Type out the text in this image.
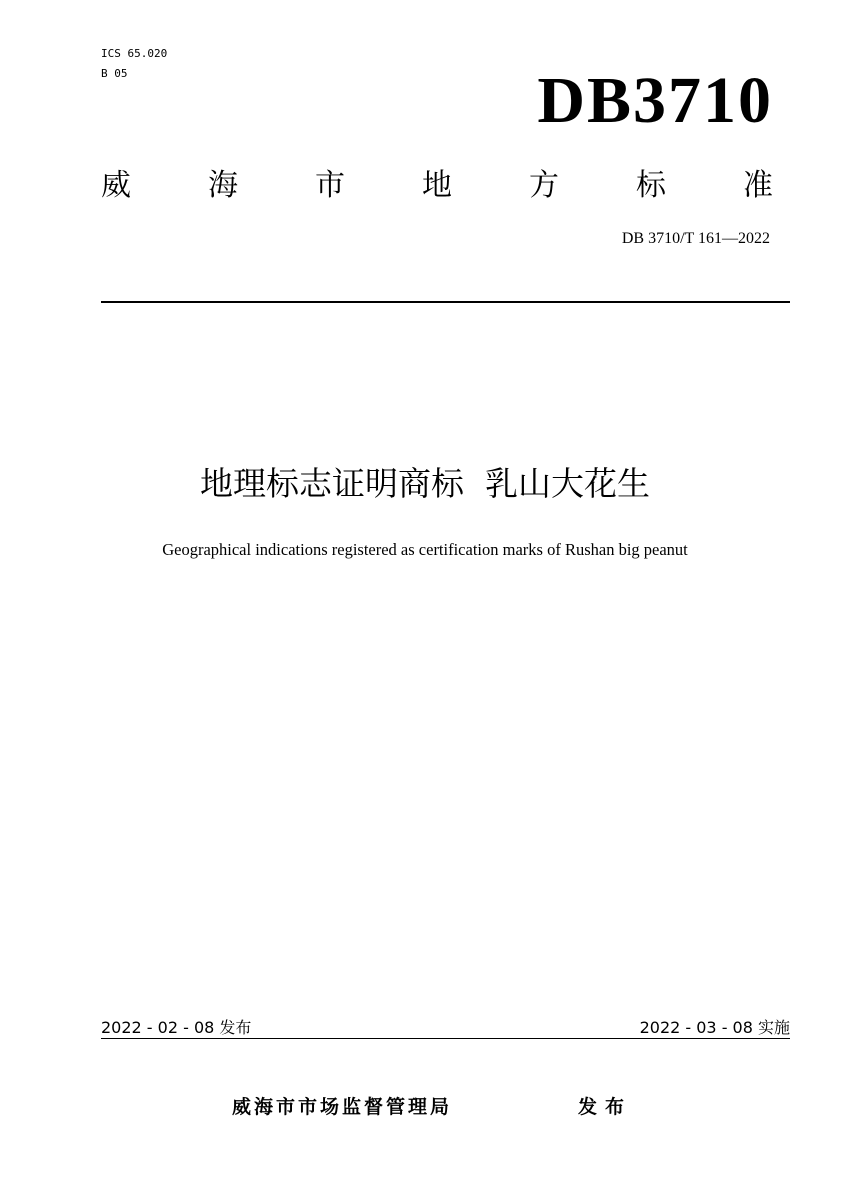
ICS 65.020
B 05	DB3710
威	海	市	地	方	标	准
DB 3710/T 161—2022
地理标志证明商标  乳山大花生
Geographical indications registered as certification marks of Rushan big peanut
2022 - 02 - 08 发布	2022 - 03 - 08 实施
威海市市场监督管理局	发布
